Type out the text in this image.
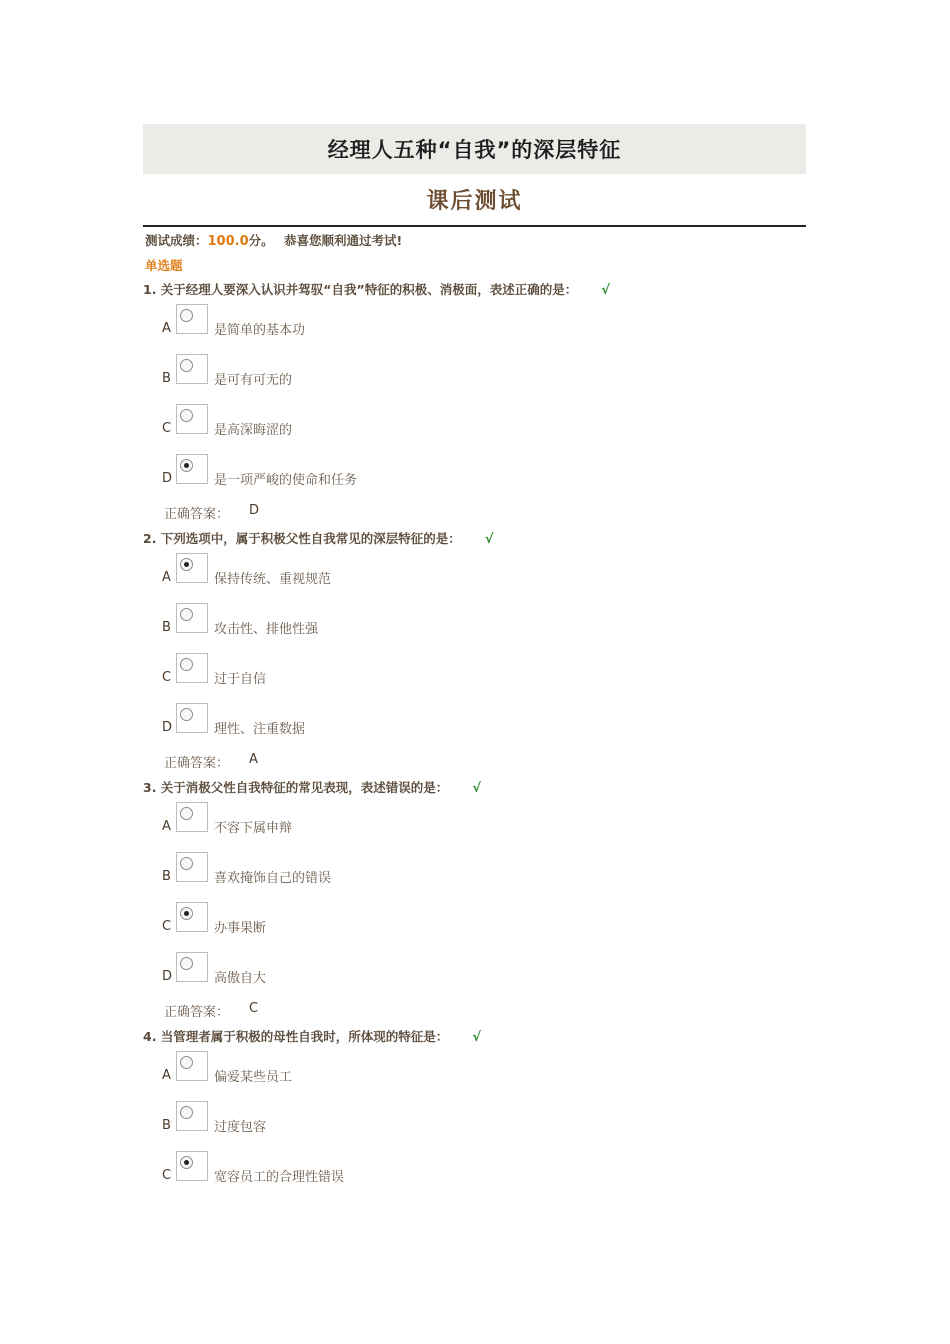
经理人五种“自我”的深层特征
课后测试
测试成绩：100.0分。 恭喜您顺利通过考试!
单选题
1. 关于经理人要深入认识并驾驭“自我”特征的积极、消极面，表述正确的是： √
A	是简单的基本功
B	是可有可无的
C	是高深晦涩的
D	是一项严峻的使命和任务
正确答案： D
2. 下列选项中，属于积极父性自我常见的深层特征的是： √
A	保持传统、重视规范
B	攻击性、排他性强
C	过于自信
D	理性、注重数据
正确答案： A
3. 关于消极父性自我特征的常见表现，表述错误的是： √
A	不容下属申辩
B	喜欢掩饰自己的错误
C	办事果断
D	高傲自大
正确答案： C
4. 当管理者属于积极的母性自我时，所体现的特征是： √
A	偏爱某些员工
B	过度包容
C	宽容员工的合理性错误
